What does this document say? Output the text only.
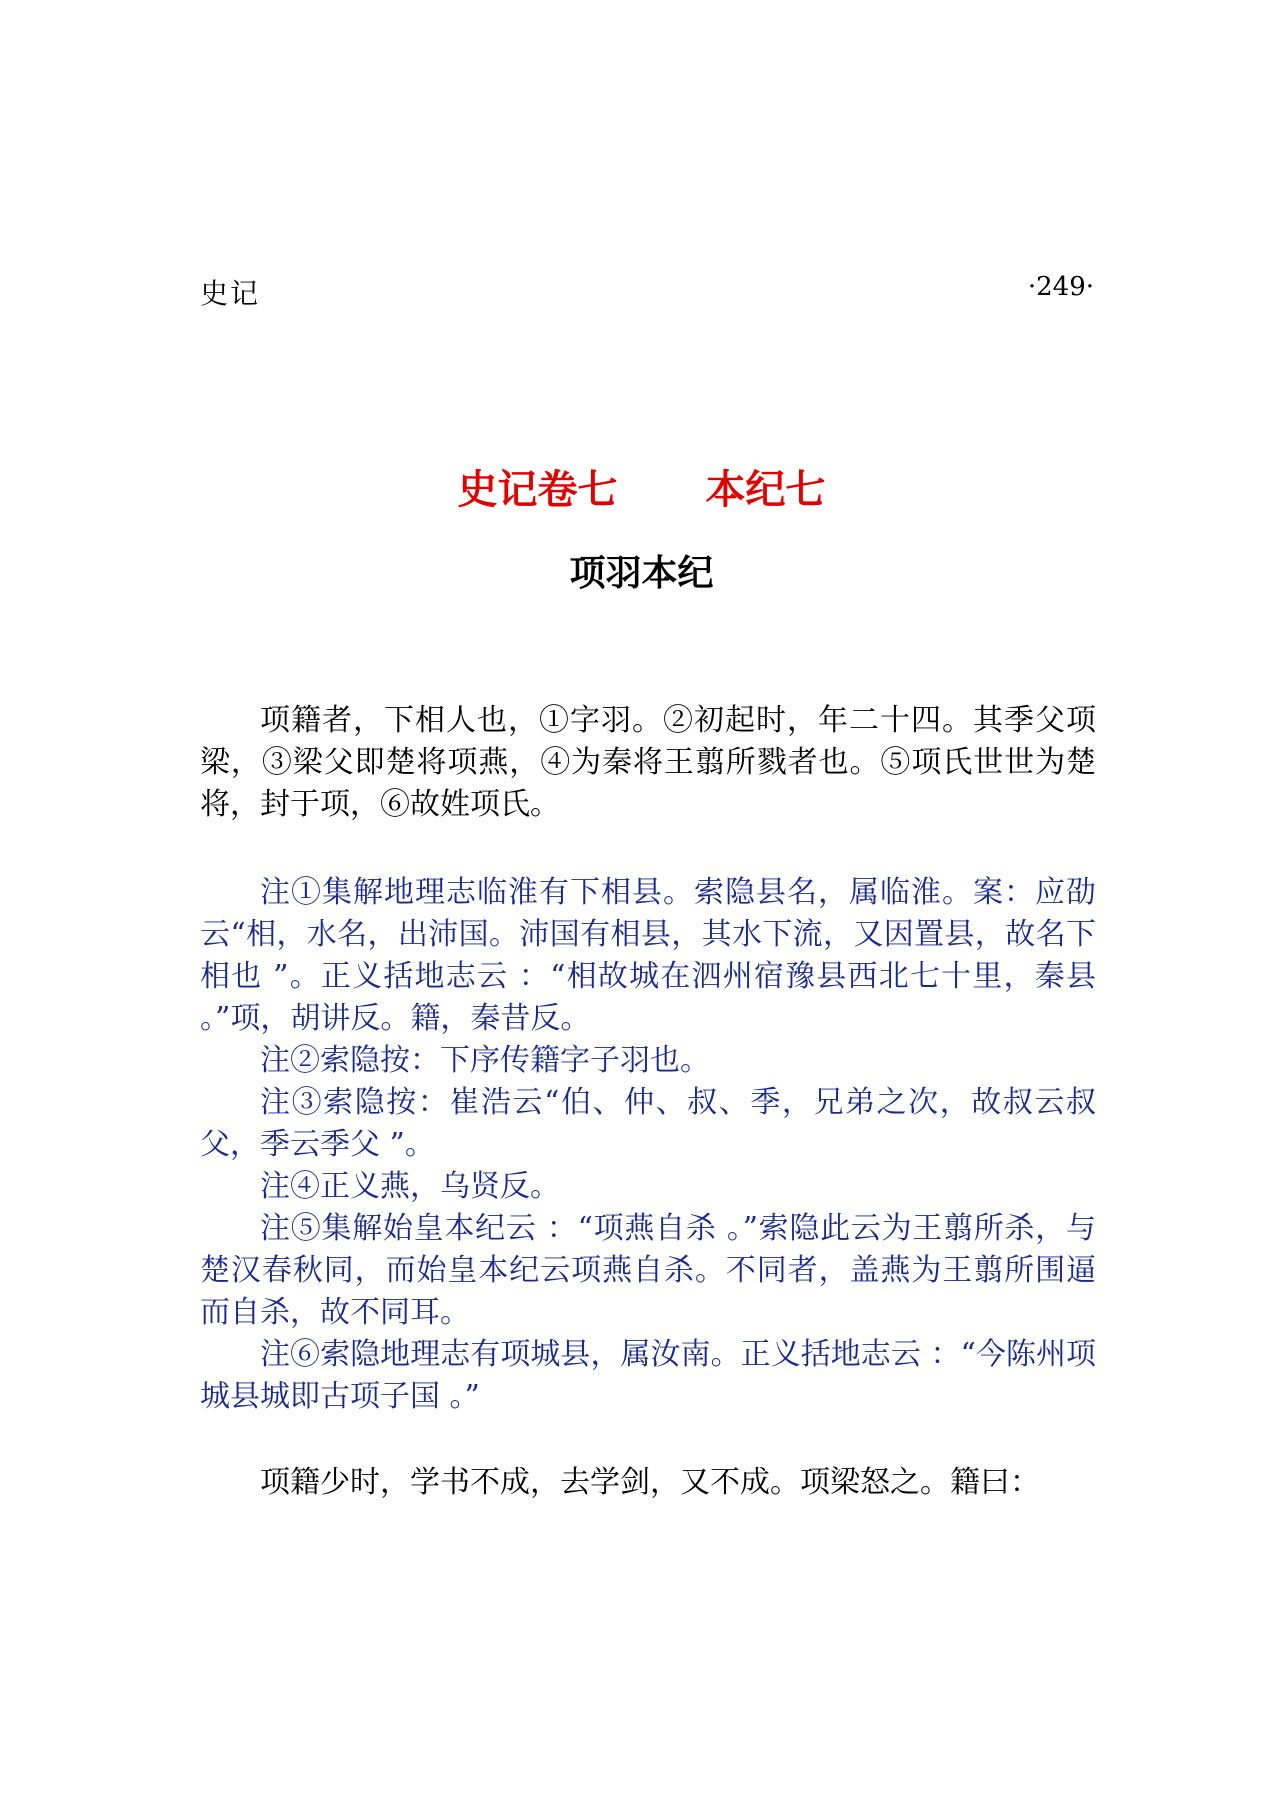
史记	·249·
史记卷七 本纪七
项羽本纪

项籍者，下相人也，①字羽。②初起时，年二十四。其季父项梁，③梁父即楚将项燕，④为秦将王翦所戮者也。⑤项氏世世为楚将，封于项，⑥故姓项氏。

注①集解地理志临淮有下相县。索隐县名，属临淮。案：应劭云“相，水名，出沛国。沛国有相县，其水下流，又因置县，故名下相也 ”。正义括地志云 ：“相故城在泗州宿豫县西北七十里，秦县 。”项，胡讲反。籍，秦昔反。

注②索隐按：下序传籍字子羽也。

注③索隐按：崔浩云“伯、仲、叔、季，兄弟之次，故叔云叔父，季云季父 ”。

注④正义燕，乌贤反。

注⑤集解始皇本纪云 ：“项燕自杀 。”索隐此云为王翦所杀，与楚汉春秋同，而始皇本纪云项燕自杀。不同者，盖燕为王翦所围逼而自杀，故不同耳。

注⑥索隐地理志有项城县，属汝南。正义括地志云 ：“今陈州项城县城即古项子国 。”

项籍少时，学书不成，去学剑，又不成。项梁怒之。籍曰：
